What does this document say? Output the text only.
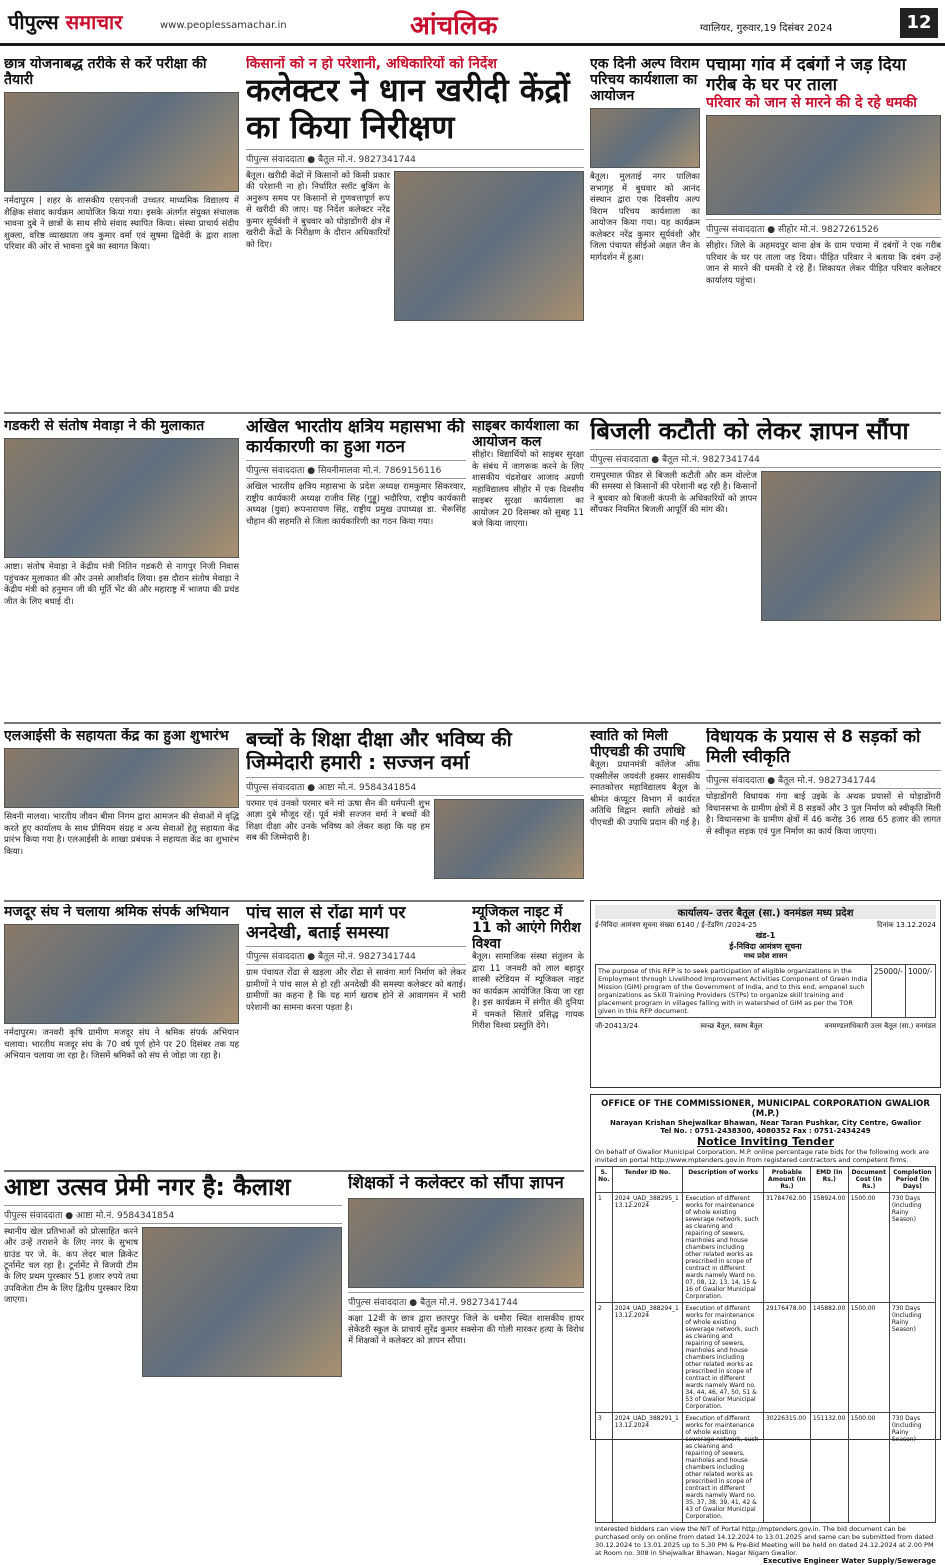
पीपुल्स समाचार	www.peoplessamachar.in	आंचलिक	ग्वालियर, गुरुवार,19 दिसंबर 2024	12
छात्र योजनाबद्ध तरीके से करें परीक्षा की तैयारी
नर्मदापुरम | शहर के शासकीय एसएनजी उच्चतर माध्यमिक विद्यालय में शैक्षिक संवाद कार्यक्रम आयोजित किया गया। इसके अंतर्गत संयुक्त संचालक भावना दुबे ने छात्रों के साथ सीधे संवाद स्थापित किया। संस्था प्राचार्य संदीप शुक्ला, वरिष्ठ व्याख्याता जय कुमार वर्मा एवं सुषमा द्विवेदी के द्वारा शाला परिवार की ओर से भावना दुबे का स्वागत किया।
किसानों को न हो परेशानी, अधिकारियों को निर्देश
कलेक्टर ने धान खरीदी केंद्रों का किया निरीक्षण
पीपुल्स संवाददाता ● बैतूल मो.नं. 9827341744
बैतूल। खरीदी केंद्रों में किसानों को किसी प्रकार की परेशानी ना हो। निर्धारित स्लॉट बुकिंग के अनुरूप समय पर किसानों से गुणवत्तापूर्ण रूप से खरीदी की जाए। यह निर्देश कलेक्टर नरेंद्र कुमार सूर्यवंशी ने बुधवार को घोड़ाडोंगरी क्षेत्र में खरीदी केंद्रों के निरीक्षण के दौरान अधिकारियों को दिए।
एक दिनी अल्प विराम परिचय कार्यशाला का आयोजन
बैतूल। मुलताई नगर पालिका सभागृह में बुधवार को आनंद संस्थान द्वारा एक दिवसीय अल्प विराम परिचय कार्यशाला का आयोजन किया गया। यह कार्यक्रम कलेक्टर नरेंद्र कुमार सूर्यवंशी और जिला पंचायत सीईओ अक्षत जैन के मार्गदर्शन में हुआ।
पचामा गांव में दबंगों ने जड़ दिया गरीब के घर पर ताला
परिवार को जान से मारने की दे रहे धमकी
पीपुल्स संवाददाता ● सीहोर मो.नं. 9827261526
सीहोर। जिले के अहमदपुर थाना क्षेत्र के ग्राम पचामा में दबंगों ने एक गरीब परिवार के घर पर ताला जड़ दिया। पीड़ित परिवार ने बताया कि दबंग उन्हें जान से मारने की धमकी दे रहे हैं। शिकायत लेकर पीड़ित परिवार कलेक्टर कार्यालय पहुंचा।
गडकरी से संतोष मेवाड़ा ने की मुलाकात
आष्टा। संतोष मेवाड़ा ने केंद्रीय मंत्री नितिन गडकरी से नागपुर निजी निवास पहुंचकर मुलाकात की और उनसे आशीर्वाद लिया। इस दौरान संतोष मेवाड़ा ने केंद्रीय मंत्री को हनुमान जी की मूर्ति भेंट की और महाराष्ट्र में भाजपा की प्रचंड जीत के लिए बधाई दी।
अखिल भारतीय क्षत्रिय महासभा की कार्यकारणी का हुआ गठन
पीपुल्स संवाददाता ● सिवनीमालवा मो.नं. 7869156116
अखिल भारतीय क्षत्रिय महासभा के प्रदेश अध्यक्ष रामकुमार सिकरवार, राष्ट्रीय कार्यकारी अध्यक्ष राजीव सिंह (गुड्डू) भदौरिया, राष्ट्रीय कार्यकारी अध्यक्ष (युवा) रूपनारायण सिंह, राष्ट्रीय प्रमुख उपाध्यक्ष डा. भैरूसिंह चौहान की सहमति से जिला कार्यकारिणी का गठन किया गया।
साइबर कार्यशाला का आयोजन कल
सीहोर। विद्यार्थियों को साइबर सुरक्षा के संबंध में जागरूक करने के लिए शासकीय चंद्रशेखर आजाद अग्रणी महाविद्यालय सीहोर में एक दिवसीय साइबर सुरक्षा कार्यशाला का आयोजन 20 दिसम्बर को सुबह 11 बजे किया जाएगा।
बिजली कटौती को लेकर ज्ञापन सौंपा
पीपुल्स संवाददाता ● बैतूल मो.नं. 9827341744
रामपुरमाल फीडर से बिजली कटौती और कम वोल्टेज की समस्या से किसानों की परेशानी बढ़ रही है। किसानों ने बुधवार को बिजली कंपनी के अधिकारियों को ज्ञापन सौंपकर नियमित बिजली आपूर्ति की मांग की।
एलआईसी के सहायता केंद्र का हुआ शुभारंभ
सिवनी मालवा। भारतीय जीवन बीमा निगम द्वारा आमजन की सेवाओं में वृद्धि करते हुए कार्यालय के साथ प्रीमियम संग्रह व अन्य सेवाओं हेतु सहायता केंद्र प्रारंभ किया गया है। एलआईसी के शाखा प्रबंधक ने सहायता केंद्र का शुभारंभ किया।
बच्चों के शिक्षा दीक्षा और भविष्य की जिम्मेदारी हमारी : सज्जन वर्मा
पीपुल्स संवाददाता ● आष्टा मो.नं. 9584341854
परमार एवं उनको परमार बने मां ऊषा सैन की धर्मपत्नी शुभ आज्ञा दुबे मौजूद रहें। पूर्व मंत्री सज्जन वर्मा ने बच्चों की शिक्षा दीक्षा और उनके भविष्य को लेकर कहा कि यह हम सब की जिम्मेदारी है।
स्वाति को मिली पीएचडी की उपाधि
बैतूल। प्रधानमंत्री कॉलेज ऑफ एक्सीलेंस जयवंती हक्सर शासकीय स्नातकोत्तर महाविद्यालय बैतूल के श्रीमंत कंप्यूटर विभाग में कार्यरत अतिथि विद्वान स्वाति लोखंडे को पीएचडी की उपाधि प्रदान की गई है।
विधायक के प्रयास से 8 सड़कों को मिली स्वीकृति
पीपुल्स संवाददाता ● बैतूल मो.नं. 9827341744
घोड़ाडोंगरी विधायक गंगा बाई उइके के अथक प्रयासों से घोड़ाडोंगरी विधानसभा के ग्रामीण क्षेत्रों में 8 सड़कों और 3 पुल निर्माण को स्वीकृति मिली है। विधानसभा के ग्रामीण क्षेत्रों में 46 करोड़ 36 लाख 65 हजार की लागत से स्वीकृत सड़क एवं पुल निर्माण का कार्य किया जाएगा।
कार्यालय- उत्तर बैतूल (सा.) वनमंडल मध्य प्रदेश
ई-निविदा आमंत्रण सूचना संख्या 6140 / ई-टेंडरिंग /2024-25	दिनांक 13.12.2024
खंड-1
ई-निविदा आमंत्रण सूचना
मध्य प्रदेश शासन
The purpose of this RFP is to seek participation of eligible organizations in the Employment through Livelihood Improvement Activities Component of Green India Mission (GIM) program of the Government of India, and to this end, empanel such organizations as Skill Training Providers (STPs) to organize skill training and placement program in villages falling with in watershed of GIM as per the TOR given in this RFP document.	25000/-	1000/-
जी-20413/24	स्वच्छ बैतूल, स्वस्थ बैतूल	वनमण्डलाधिकारी उत्तर बैतूल (सा.) वनमंडल
मजदूर संघ ने चलाया श्रमिक संपर्क अभियान
नर्मदापुरम। जनवरी कृषि ग्रामीण मजदूर संघ ने श्रमिक संपर्क अभियान चलाया। भारतीय मजदूर संघ के 70 वर्ष पूर्ण होने पर 20 दिसंबर तक यह अभियान चलाया जा रहा है। जिसमें श्रमिकों को संघ से जोड़ा जा रहा है।
पांच साल से रोंढा मार्ग पर अनदेखी, बताई समस्या
पीपुल्स संवाददाता ● बैतूल मो.नं. 9827341744
ग्राम पंचायत रोंढा से खड़ला और रोंढा से सावंगा मार्ग निर्माण को लेकर ग्रामीणों ने पांच साल से हो रही अनदेखी की समस्या कलेक्टर को बताई। ग्रामीणों का कहना है कि यह मार्ग खराब होने से आवागमन में भारी परेशानी का सामना करना पड़ता है।
म्यूजिकल नाइट में 11 को आएंगे गिरीश विश्वा
बैतूल। सामाजिक संस्था संतुलन के द्वारा 11 जनवरी को लाल बहादुर शास्त्री स्टेडियम में म्यूजिकल नाइट का कार्यक्रम आयोजित किया जा रहा है। इस कार्यक्रम में संगीत की दुनिया में चमकते सितारे प्रसिद्ध गायक गिरीश विश्वा प्रस्तुति देंगे।
OFFICE OF THE COMMISSIONER, MUNICIPAL CORPORATION GWALIOR (M.P.)
Narayan Krishan Shejwalkar Bhawan, Near Taran Pushkar, City Centre, Gwalior
Tel No. : 0751-2438300, 4080352 Fax : 0751-2434249
Notice Inviting Tender
On behalf of Gwalior Municipal Corporation, M.P. online percentage rate bids for the following work are invited on portal http://www.mptenders.gov.in from registered contractors and competent firms.
S. No.	Tender ID No.	Description of works	Probable Amount (In Rs.)	EMD (In Rs.)	Document Cost (In Rs.)	Completion Period (In Days)
1	2024_UAD_388295_1 13.12.2024	Execution of different works for maintenance of whole existing sewerage network, such as cleaning and repairing of sewers, manholes and house chambers including other related works as prescribed in scope of contract in different wards namely Ward no. 07, 08, 12, 13, 14, 15 & 16 of Gwalior Municipal Corporation.	31784762.00	158924.00	1500.00	730 Days (Including Rainy Season)
2	2024_UAD_388294_1 13.12.2024	Execution of different works for maintenance of whole existing sewerage network, such as cleaning and repairing of sewers, manholes and house chambers including other related works as prescribed in scope of contract in different wards namely Ward no. 34, 44, 46, 47, 50, 51 & 53 of Gwalior Municipal Corporation.	29176478.00	145882.00	1500.00	730 Days (Including Rainy Season)
3	2024_UAD_388291_1 13.12.2024	Execution of different works for maintenance of whole existing sewerage network, such as cleaning and repairing of sewers, manholes and house chambers including other related works as prescribed in scope of contract in different wards namely Ward no. 35, 37, 38, 39, 41, 42 & 43 of Gwalior Municipal Corporation.	30226315.00	151132.00	1500.00	730 Days (Including Rainy Season)
Interested bidders can view the NIT of Portal http://mptenders.gov.in. The bid document can be purchased only on online from dated 14.12.2024 to 13.01.2025 and same can be submitted from dated 30.12.2024 to 13.01.2025 up to 5.30 PM & Pre-Bid Meeting will be held on dated 24.12.2024 at 2.00 PM at Room no. 308 in Shejwalkar Bhawan, Nagar Nigam Gwalior.
Executive Engineer Water Supply/Sewerage
आष्टा उत्सव प्रेमी नगर है: कैलाश
पीपुल्स संवाददाता ● आष्टा मो.नं. 9584341854
स्थानीय खेल प्रतिभाओं को प्रोत्साहित करने और उन्हें तराशने के लिए नगर के सुभाष ग्राउंड पर जे. के. कप लेदर बाल क्रिकेट टूर्नामेंट चल रहा है। टूर्नामेंट में विजयी टीम के लिए प्रथम पुरस्कार 51 हजार रुपये तथा उपविजेता टीम के लिए द्वितीय पुरस्कार दिया जाएगा।
शिक्षकों ने कलेक्टर को सौंपा ज्ञापन
पीपुल्स संवाददाता ● बैतूल मो.नं. 9827341744
कक्षा 12वीं के छात्र द्वारा छतरपुर जिले के धमौरा स्थित शासकीय हायर सेकेंडरी स्कूल के प्राचार्य सुरेंद्र कुमार सक्सेना की गोली मारकर हत्या के विरोध में शिक्षकों ने कलेक्टर को ज्ञापन सौंपा।
